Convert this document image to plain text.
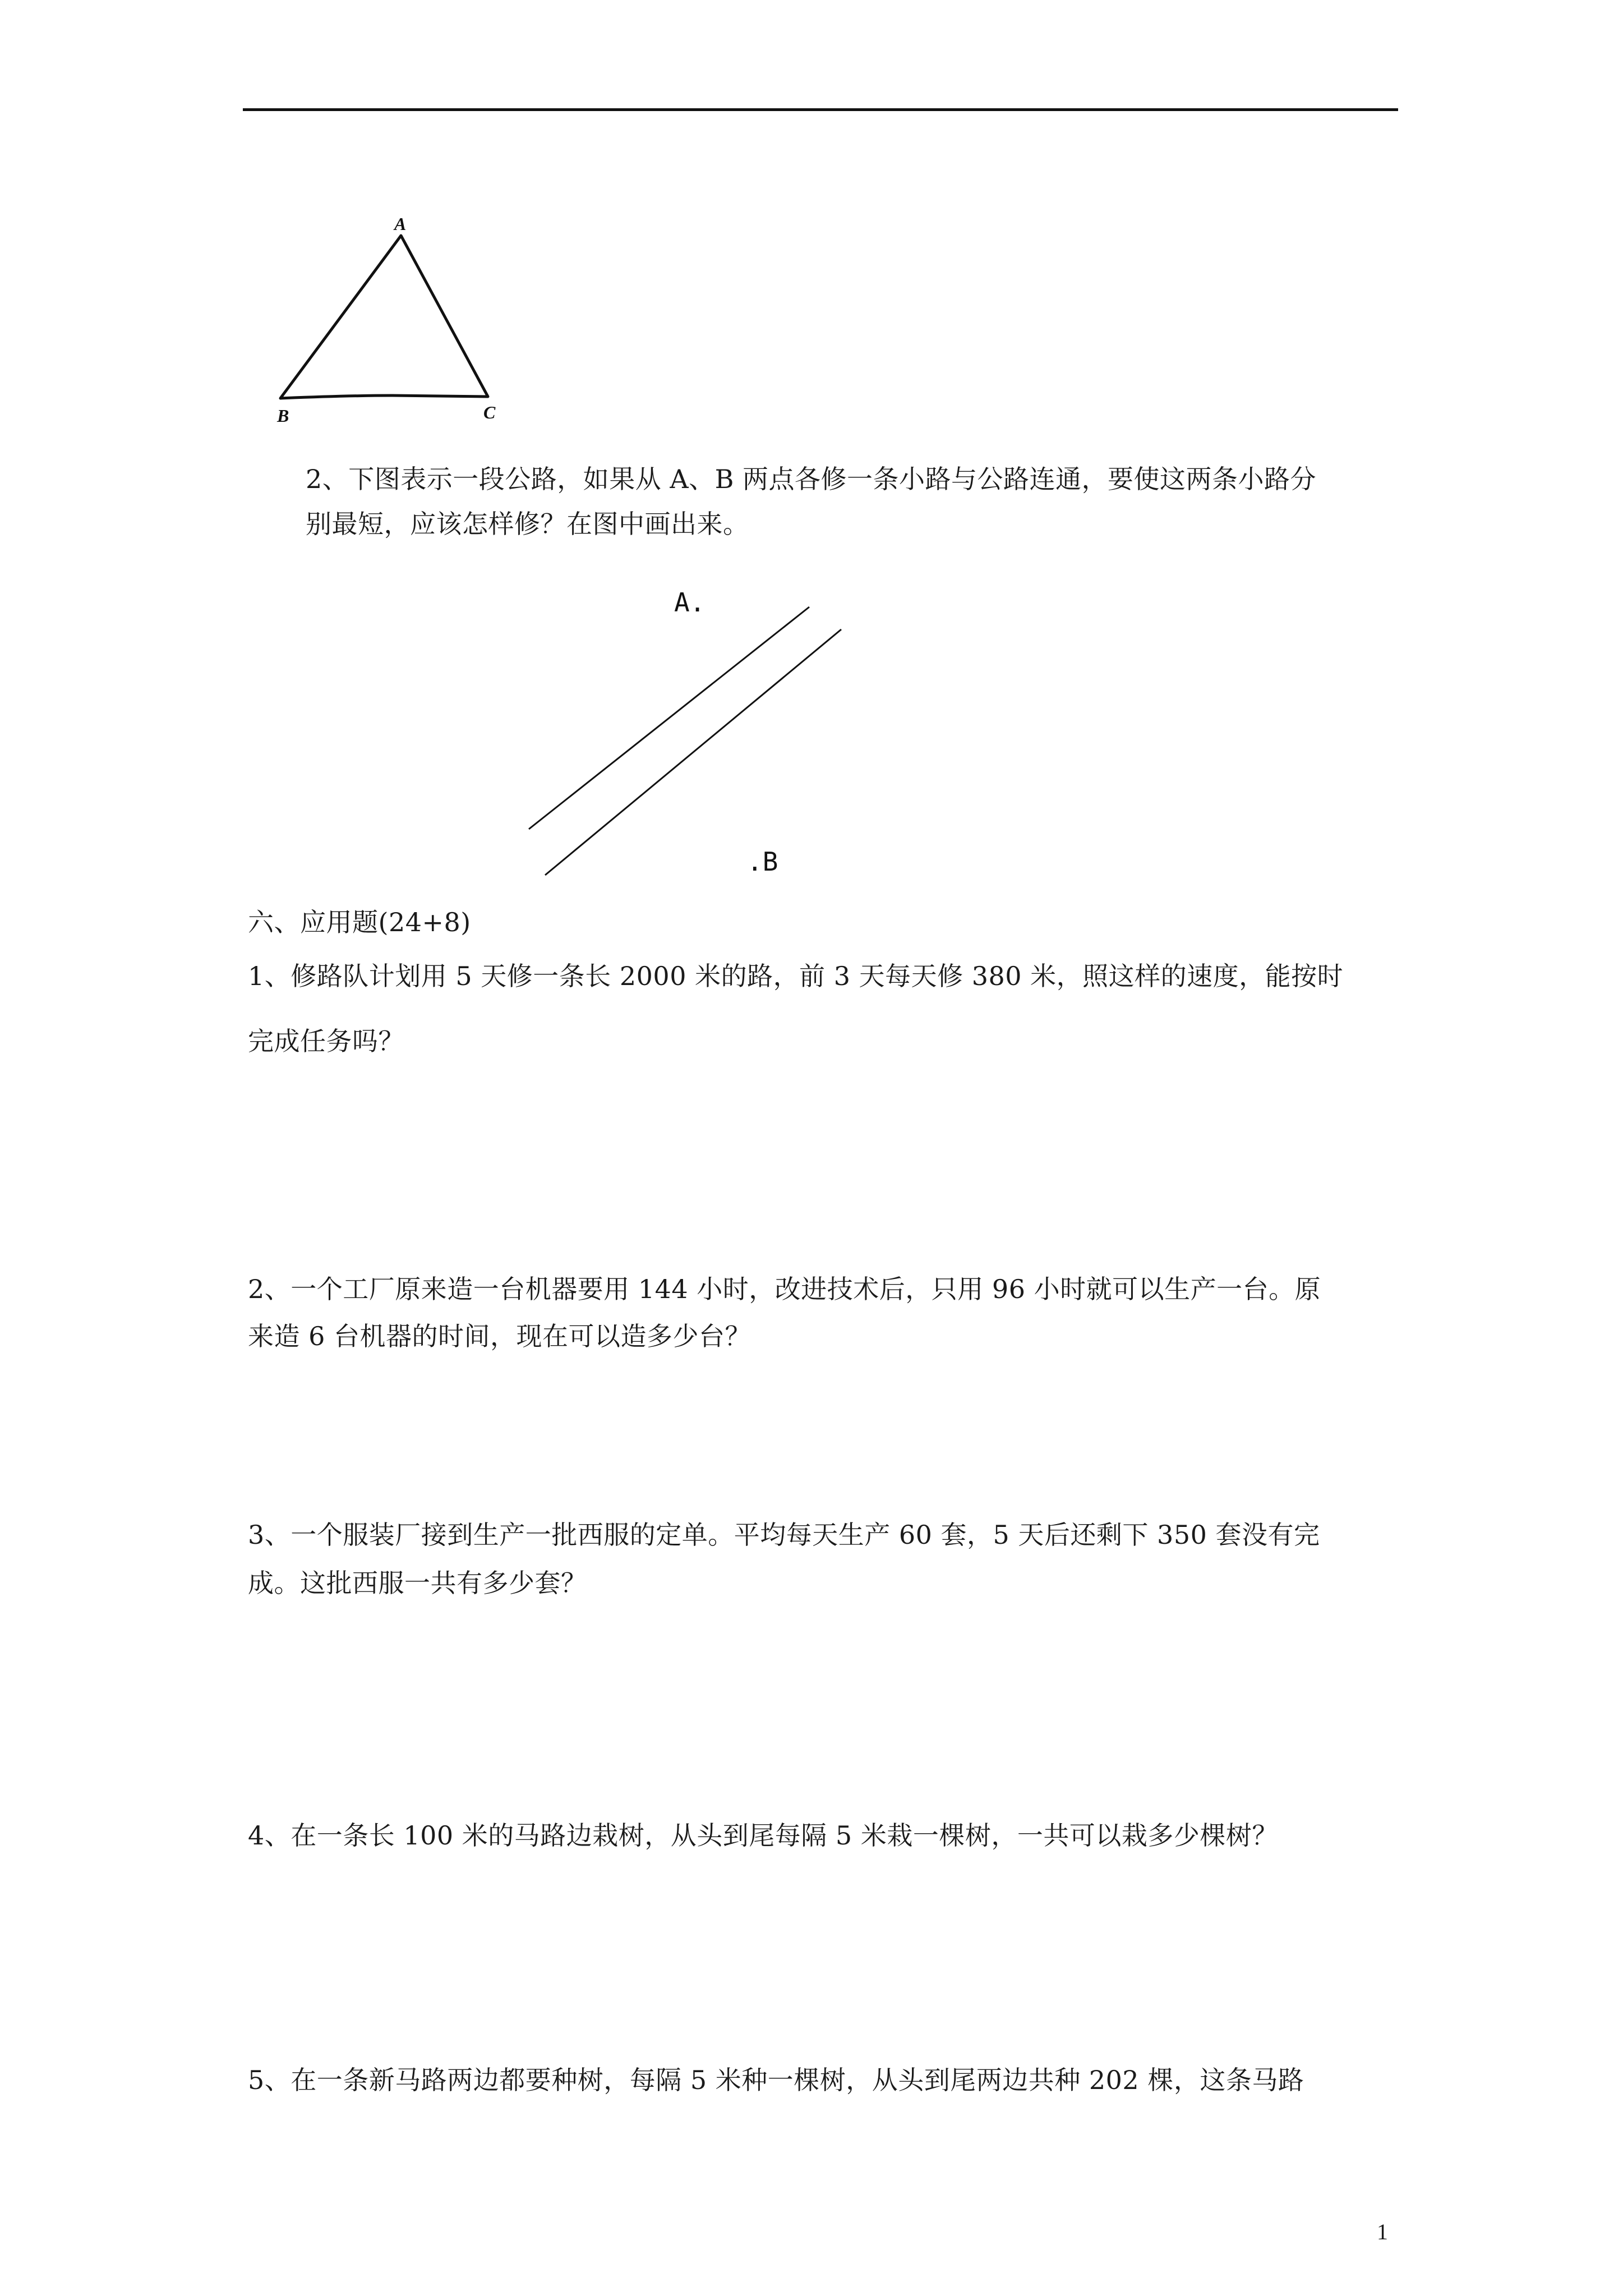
A
B	C
2、下图表示一段公路，如果从 A、B 两点各修一条小路与公路连通，要使这两条小路分
别最短，应该怎样修？在图中画出来。
A.
.B
六、应用题(24+8)
1、修路队计划用 5 天修一条长 2000 米的路，前 3 天每天修 380 米，照这样的速度，能按时
完成任务吗？
2、一个工厂原来造一台机器要用 144 小时，改进技术后，只用 96 小时就可以生产一台。原
来造 6 台机器的时间，现在可以造多少台？
3、一个服装厂接到生产一批西服的定单。平均每天生产 60 套，5 天后还剩下 350 套没有完
成。这批西服一共有多少套？
4、在一条长 100 米的马路边栽树，从头到尾每隔 5 米栽一棵树，一共可以栽多少棵树？
5、在一条新马路两边都要种树，每隔 5 米种一棵树，从头到尾两边共种 202 棵，这条马路
1
